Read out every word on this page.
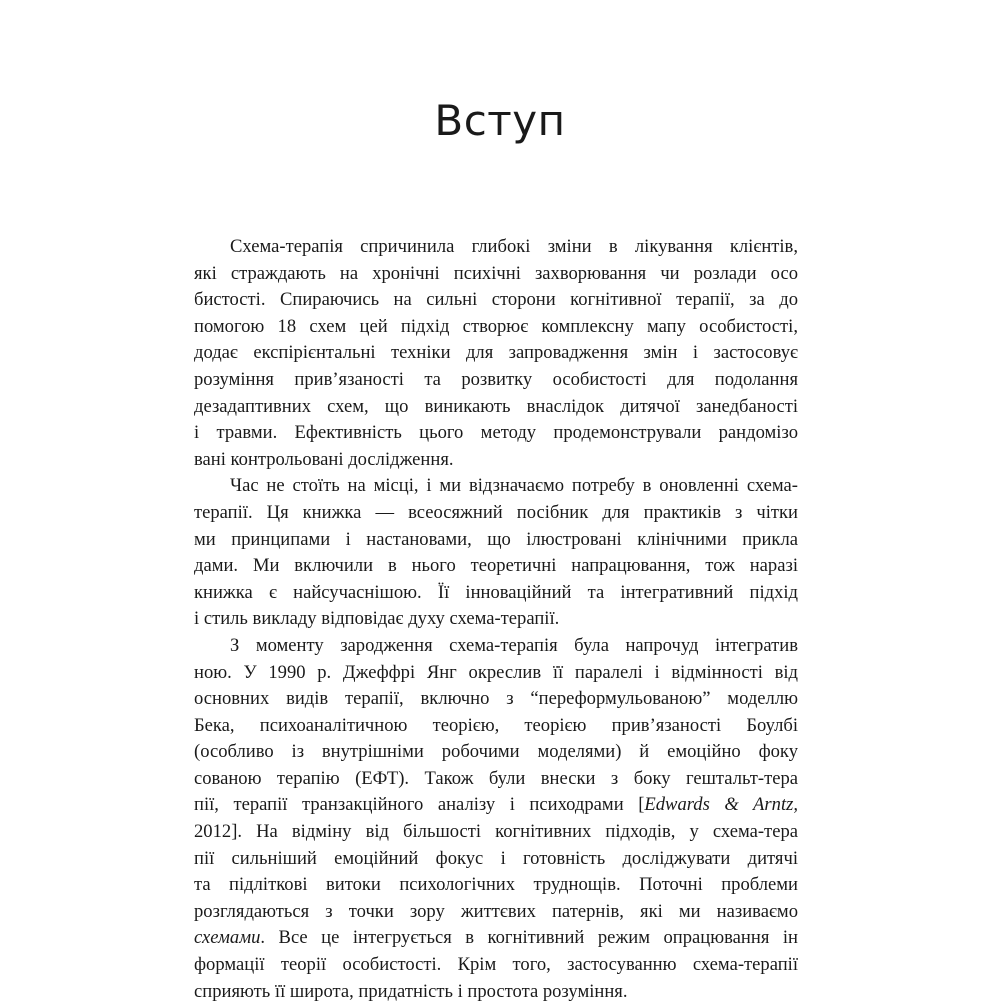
Вступ
Схема-терапія спричинила глибокі зміни в лікування клієнтів,
які страждають на хронічні психічні захворювання чи розлади осо
бистості. Спираючись на сильні сторони когнітивної терапії, за до
помогою 18 схем цей підхід створює комплексну мапу особистості,
додає експірієнтальні техніки для запровадження змін і застосовує
розуміння прив’язаності та розвитку особистості для подолання
дезадаптивних схем, що виникають внаслідок дитячої занедбаності
і травми. Ефективність цього методу продемонстрували рандомізо
вані контрольовані дослідження.
Час не стоїть на місці, і ми відзначаємо потребу в оновленні схема-
терапії. Ця книжка — всеосяжний посібник для практиків з чітки
ми принципами і настановами, що ілюстровані клінічними прикла
дами. Ми включили в нього теоретичні напрацювання, тож наразі
книжка є найсучаснішою. Її інноваційний та інтегративний підхід
і стиль викладу відповідає духу схема-терапії.
З моменту зародження схема-терапія була напрочуд інтегратив
ною. У 1990 р. Джеффрі Янг окреслив її паралелі і відмінності від
основних видів терапії, включно з “переформульованою” моделлю
Бека, психоаналітичною теорією, теорією прив’язаності Боулбі
(особливо із внутрішніми робочими моделями) й емоційно фоку
сованою терапію (ЕФТ). Також були внески з боку гештальт-тера
пії, терапії транзакційного аналізу і психодрами [Edwards & Arntz,
2012]. На відміну від більшості когнітивних підходів, у схема-тера
пії сильніший емоційний фокус і готовність досліджувати дитячі
та підліткові витоки психологічних труднощів. Поточні проблеми
розглядаються з точки зору життєвих патернів, які ми називаємо
схемами. Все це інтегрується в когнітивний режим опрацювання ін
формації теорії особистості. Крім того, застосуванню схема-терапії
сприяють її широта, придатність і простота розуміння.
